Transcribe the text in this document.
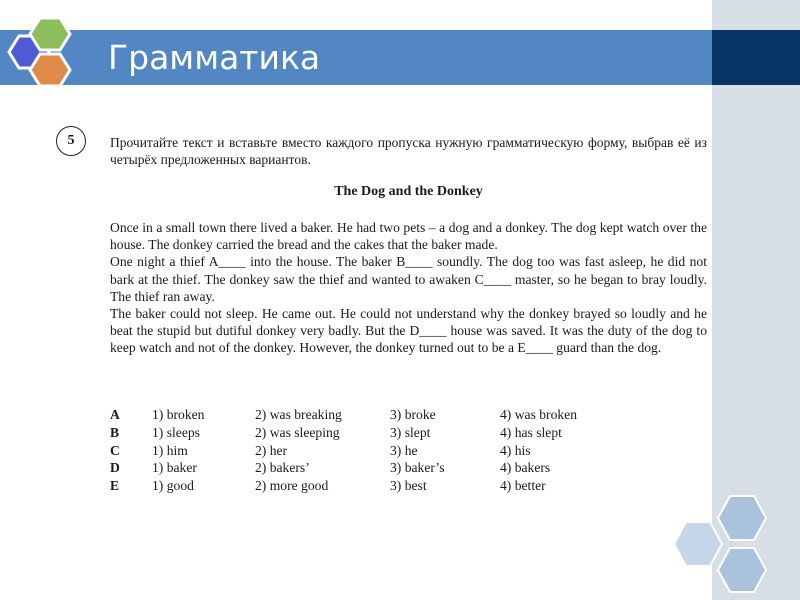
Грамматика
5	Прочитайте текст и вставьте вместо каждого пропуска нужную грамматическую форму, выбрав её из четырёх предложенных вариантов.
The Dog and the Donkey

Once in a small town there lived a baker. He had two pets – a dog and a donkey. The dog kept watch over the house. The donkey carried the bread and the cakes that the baker made.

One night a thief A____ into the house. The baker B____ soundly. The dog too was fast asleep, he did not bark at the thief. The donkey saw the thief and wanted to awaken C____ master, so he began to bray loudly. The thief ran away.

The baker could not sleep. He came out. He could not understand why the donkey brayed so loudly and he beat the stupid but dutiful donkey very badly. But the D____ house was saved. It was the duty of the dog to keep watch and not of the donkey. However, the donkey turned out to be a E____ guard than the dog.

A 1) broken	2) was breaking	3) broke	4) was broken
B 1) sleeps	2) was sleeping	3) slept	4) has slept
C 1) him	2) her	3) he	4) his
D 1) baker	2) bakers’	3) baker’s	4) bakers
E 1) good	2) more good	3) best	4) better
